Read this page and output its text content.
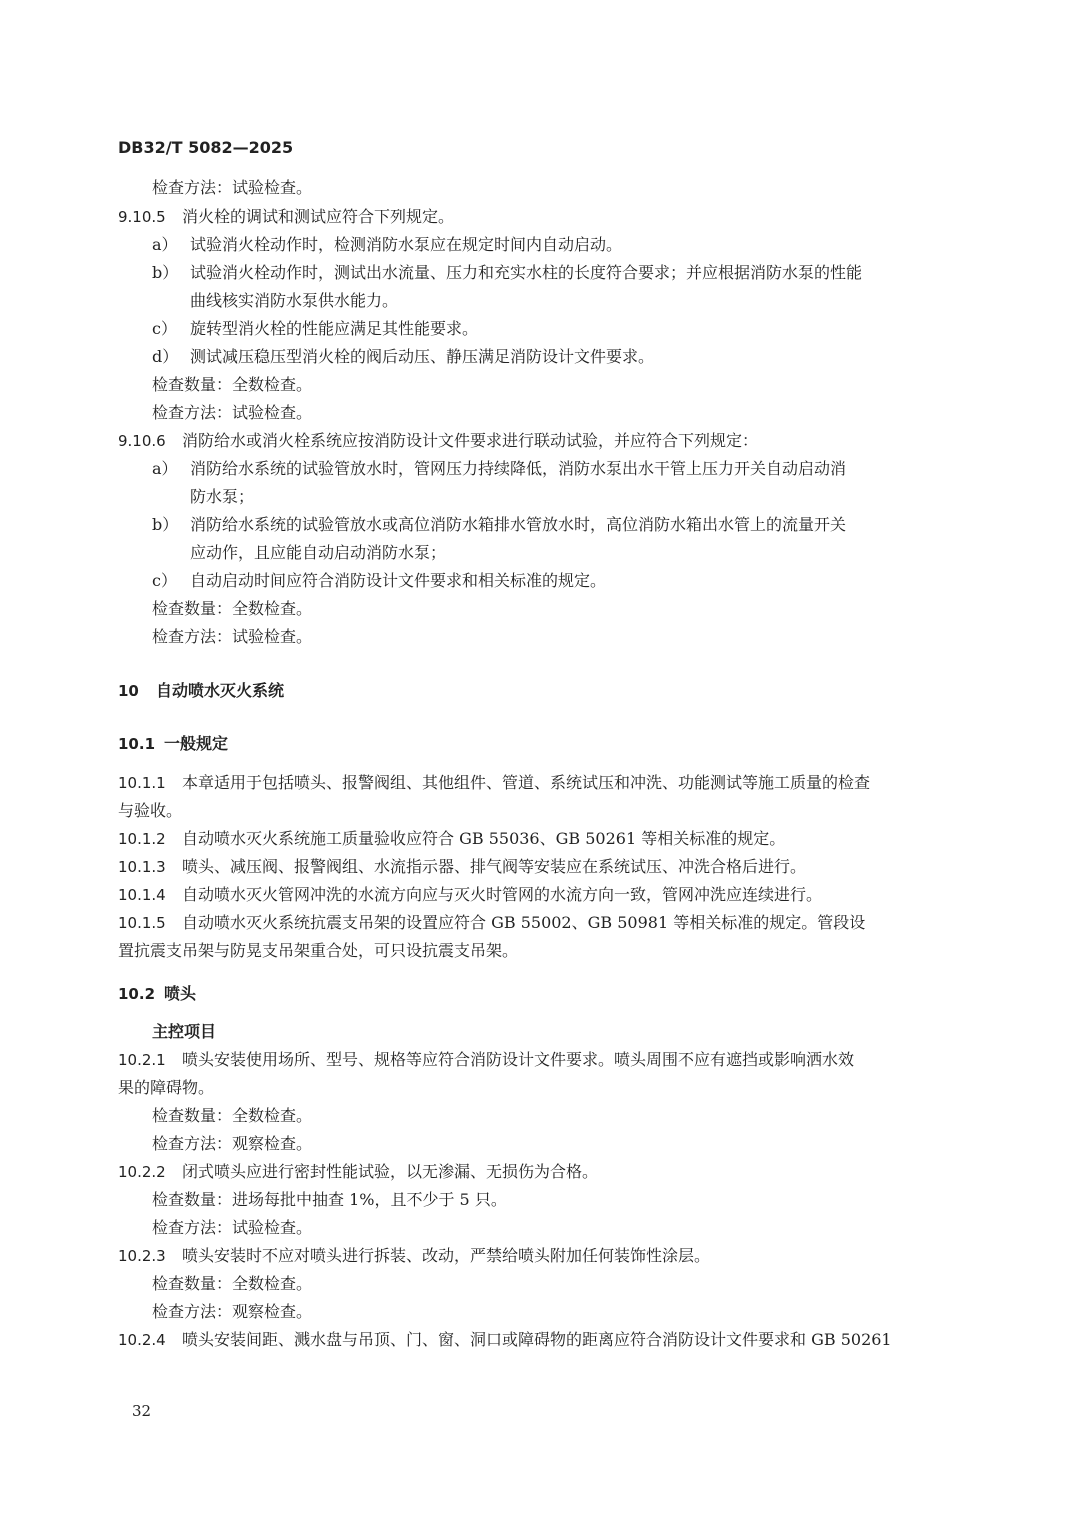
DB32/T 5082—2025
检查方法：试验检查。
9.10.5 消火栓的调试和测试应符合下列规定。
a） 试验消火栓动作时，检测消防水泵应在规定时间内自动启动。
b） 试验消火栓动作时，测试出水流量、压力和充实水柱的长度符合要求；并应根据消防水泵的性能
曲线核实消防水泵供水能力。
c） 旋转型消火栓的性能应满足其性能要求。
d） 测试减压稳压型消火栓的阀后动压、静压满足消防设计文件要求。
检查数量：全数检查。
检查方法：试验检查。
9.10.6 消防给水或消火栓系统应按消防设计文件要求进行联动试验，并应符合下列规定：
a） 消防给水系统的试验管放水时，管网压力持续降低，消防水泵出水干管上压力开关自动启动消
防水泵；
b） 消防给水系统的试验管放水或高位消防水箱排水管放水时，高位消防水箱出水管上的流量开关
应动作，且应能自动启动消防水泵；
c） 自动启动时间应符合消防设计文件要求和相关标准的规定。
检查数量：全数检查。
检查方法：试验检查。
10 自动喷水灭火系统
10.1 一般规定
10.1.1 本章适用于包括喷头、报警阀组、其他组件、管道、系统试压和冲洗、功能测试等施工质量的检查
与验收。
10.1.2 自动喷水灭火系统施工质量验收应符合 GB 55036、GB 50261 等相关标准的规定。
10.1.3 喷头、减压阀、报警阀组、水流指示器、排气阀等安装应在系统试压、冲洗合格后进行。
10.1.4 自动喷水灭火管网冲洗的水流方向应与灭火时管网的水流方向一致，管网冲洗应连续进行。
10.1.5 自动喷水灭火系统抗震支吊架的设置应符合 GB 55002、GB 50981 等相关标准的规定。管段设
置抗震支吊架与防晃支吊架重合处，可只设抗震支吊架。
10.2 喷头
主控项目
10.2.1 喷头安装使用场所、型号、规格等应符合消防设计文件要求。喷头周围不应有遮挡或影响洒水效
果的障碍物。
检查数量：全数检查。
检查方法：观察检查。
10.2.2 闭式喷头应进行密封性能试验，以无渗漏、无损伤为合格。
检查数量：进场每批中抽查 1%，且不少于 5 只。
检查方法：试验检查。
10.2.3 喷头安装时不应对喷头进行拆装、改动，严禁给喷头附加任何装饰性涂层。
检查数量：全数检查。
检查方法：观察检查。
10.2.4 喷头安装间距、溅水盘与吊顶、门、窗、洞口或障碍物的距离应符合消防设计文件要求和 GB 50261
32
